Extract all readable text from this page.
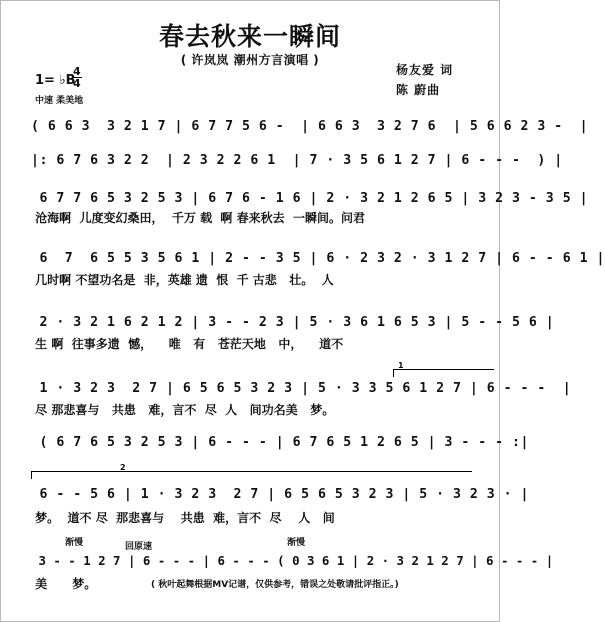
春去秋来一瞬间
( 许岚岚 潮州方言演唱 )
杨友爱 词
陈 蔚曲
1= ♭B
4
4
中速 柔美地
( 6 6 3  3 2 1 7 | 6 7 7 5 6 -  | 6 6 3  3 2 7 6  | 5 6 6 2 3 -  |
|: 6 7 6 3 2 2  | 2 3 2 2 6 1  | 7 · 3 5 6 1 2 7 | 6 - - -  ) |
6 7 7 6 5 3 2 5 3 | 6 7 6 - 1 6 | 2 · 3 2 1 2 6 5 | 3 2 3 - 3 5 |
沧海啊  儿度变幻桑田，  千万 载  啊 春来秋去  一瞬间。问君
6  7  6 5 5 3 5 6 1 | 2 - - 3 5 | 6 · 2 3 2 · 3 1 2 7 | 6 - - 6 1 |
几时啊 不望功名是  非，英雄 遗  恨  千 古悲   壮。  人
2 · 3 2 1 6 2 1 2 | 3 - - 2 3 | 5 · 3 6 1 6 5 3 | 5 - - 5 6 |
生 啊  往事多遗  憾，    唯   有   苍茫天地   中，    道不
1
1 · 3 2 3  2 7 | 6 5 6 5 3 2 3 | 5 · 3 3 5 6 1 2 7 | 6 - - -  |
尽 那悲喜与   共患   难，言不  尽  人   间功名美   梦。
( 6 7 6 5 3 2 5 3 | 6 - - - | 6 7 6 5 1 2 6 5 | 3 - - - :|
2
6 - - 5 6 | 1 · 3 2 3  2 7 | 6 5 6 5 3 2 3 | 5 · 3 2 3 · |
梦。  道不 尽  那悲喜与    共患  难，言不  尽    人   间
渐慢	回原速	渐慢
3 - - 1 2 7 | 6 - - - | 6 - - - ( 0 3 6 1 | 2 · 3 2 1 2 7 | 6 - - - |
美      梦。	( 秋叶起舞根据MV记谱，仅供参考，错误之处敬请批评指正。)
